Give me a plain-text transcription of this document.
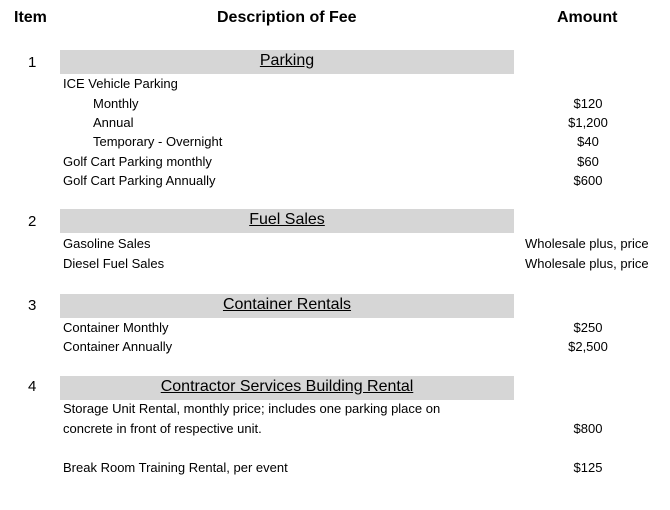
Item	Description of Fee	Amount
1	Parking
ICE Vehicle Parking
Monthly	$120
Annual	$1,200
Temporary - Overnight	$40
Golf Cart Parking monthly	$60
Golf Cart Parking Annually	$600
2	Fuel Sales
Gasoline Sales	Wholesale plus, price
Diesel Fuel Sales	Wholesale plus, price
3	Container Rentals
Container Monthly	$250
Container Annually	$2,500
4	Contractor Services Building Rental
Storage Unit Rental, monthly price; includes one parking place on
concrete in front of respective unit.	$800
Break Room Training Rental, per event	$125
